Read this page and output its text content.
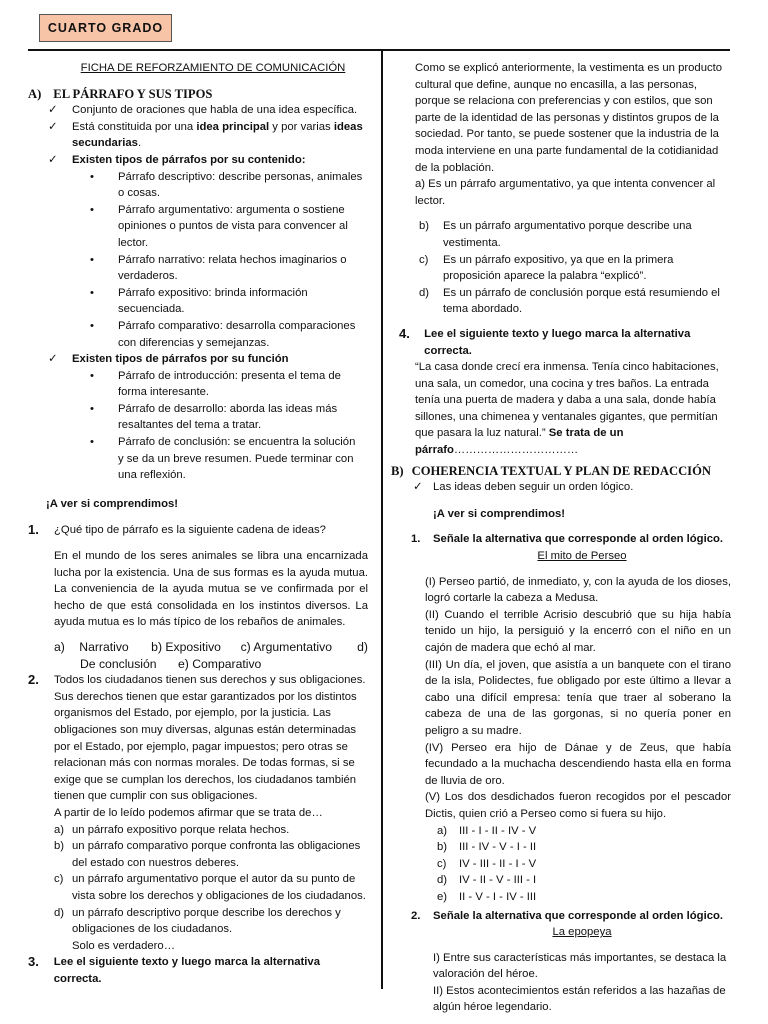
CUARTO GRADO

FICHA DE REFORZAMIENTO DE COMUNICACIÓN

A) EL PÁRRAFO Y SUS TIPOS
✓	Conjunto de oraciones que habla de una idea específica.
✓	Está constituida por una idea principal y por varias ideas secundarias.
✓	Existen tipos de párrafos por su contenido:
•	Párrafo descriptivo: describe personas, animales o cosas.
•	Párrafo argumentativo: argumenta o sostiene opiniones o puntos de vista para convencer al lector.
•	Párrafo narrativo: relata hechos imaginarios o verdaderos.
•	Párrafo expositivo: brinda información secuenciada.
•	Párrafo comparativo: desarrolla comparaciones con diferencias y semejanzas.
✓	Existen tipos de párrafos por su función
•	Párrafo de introducción: presenta el tema de forma interesante.
•	Párrafo de desarrollo: aborda las ideas más resaltantes del tema a tratar.
•	Párrafo de conclusión: se encuentra la solución y se da un breve resumen. Puede terminar con una reflexión.

¡A ver si comprendimos!

1.	¿Qué tipo de párrafo es la siguiente cadena de ideas?

En el mundo de los seres animales se libra una encarnizada lucha por la existencia. Una de sus formas es la ayuda mutua. La conveniencia de la ayuda mutua se ve confirmada por el hecho de que está consolidada en los instintos diversos. La ayuda mutua es lo más típico de los rebaños de animales.

a)	Narrativo	b) Expositivo	c) Argumentativo	d)
De conclusión	e) Comparativo
2.	Todos los ciudadanos tienen sus derechos y sus obligaciones. Sus derechos tienen que estar garantizados por los distintos organismos del Estado, por ejemplo, por la justicia. Las obligaciones son muy diversas, algunas están determinadas por el Estado, por ejemplo, pagar impuestos; pero otras se relacionan más con normas morales. De todas formas, si se exige que se cumplan los derechos, los ciudadanos también tienen que cumplir con sus obligaciones.

A partir de lo leído podemos afirmar que se trata de…

a) un párrafo expositivo porque relata hechos.
b) un párrafo comparativo porque confronta las obligaciones del estado con nuestros deberes.
c) un párrafo argumentativo porque el autor da su punto de vista sobre los derechos y obligaciones de los ciudadanos.
d) un párrafo descriptivo porque describe los derechos y obligaciones de los ciudadanos.

Solo es verdadero…

3.	Lee el siguiente texto y luego marca la alternativa correcta.

Como se explicó anteriormente, la vestimenta es un producto cultural que define, aunque no encasilla, a las personas, porque se relaciona con preferencias y con estilos, que son parte de la identidad de las personas y distintos grupos de la sociedad. Por tanto, se puede sostener que la industria de la moda interviene en una parte fundamental de la cotidianidad de la población.

a) Es un párrafo argumentativo, ya que intenta convencer al lector.

b)	Es un párrafo argumentativo porque describe una vestimenta.
c)	Es un párrafo expositivo, ya que en la primera proposición aparece la palabra “explicó”.
d)	Es un párrafo de conclusión porque está resumiendo el tema abordado.
4.	Lee el siguiente texto y luego marca la alternativa correcta.

“La casa donde crecí era inmensa. Tenía cinco habitaciones, una sala, un comedor, una cocina y tres baños. La entrada tenía una puerta de madera y daba a una sala, donde había sillones, una chimenea y ventanales gigantes, que permitían que pasara la luz natural.” Se trata de un párrafo……………………………

B) COHERENCIA TEXTUAL Y PLAN DE REDACCIÓN
✓ Las ideas deben seguir un orden lógico.

¡A ver si comprendimos!

1.	Señale la alternativa que corresponde al orden lógico.

El mito de Perseo

(I) Perseo partió, de inmediato, y, con la ayuda de los dioses, logró cortarle la cabeza a Medusa.

(II) Cuando el terrible Acrisio descubrió que su hija había tenido un hijo, la persiguió y la encerró con el niño en un cajón de madera que echó al mar.

(III) Un día, el joven, que asistía a un banquete con el tirano de la isla, Polidectes, fue obligado por este último a llevar a cabo una difícil empresa: tenía que traer al soberano la cabeza de una de las gorgonas, si no quería poner en peligro a su madre.

(IV) Perseo era hijo de Dánae y de Zeus, que había fecundado a la muchacha descendiendo hasta ella en forma de lluvia de oro.

(V) Los dos desdichados fueron recogidos por el pescador Dictis, quien crió a Perseo como si fuera su hijo.

a)	III - I - II - IV - V
b)	III - IV - V - I - II
c)	IV - III - II - I - V
d)	IV - II - V - III - I
e)	II - V - I - IV - III
2.	Señale la alternativa que corresponde al orden lógico.

La epopeya

I) Entre sus características más importantes, se destaca la valoración del héroe.

II) Estos acontecimientos están referidos a las hazañas de algún héroe legendario.
